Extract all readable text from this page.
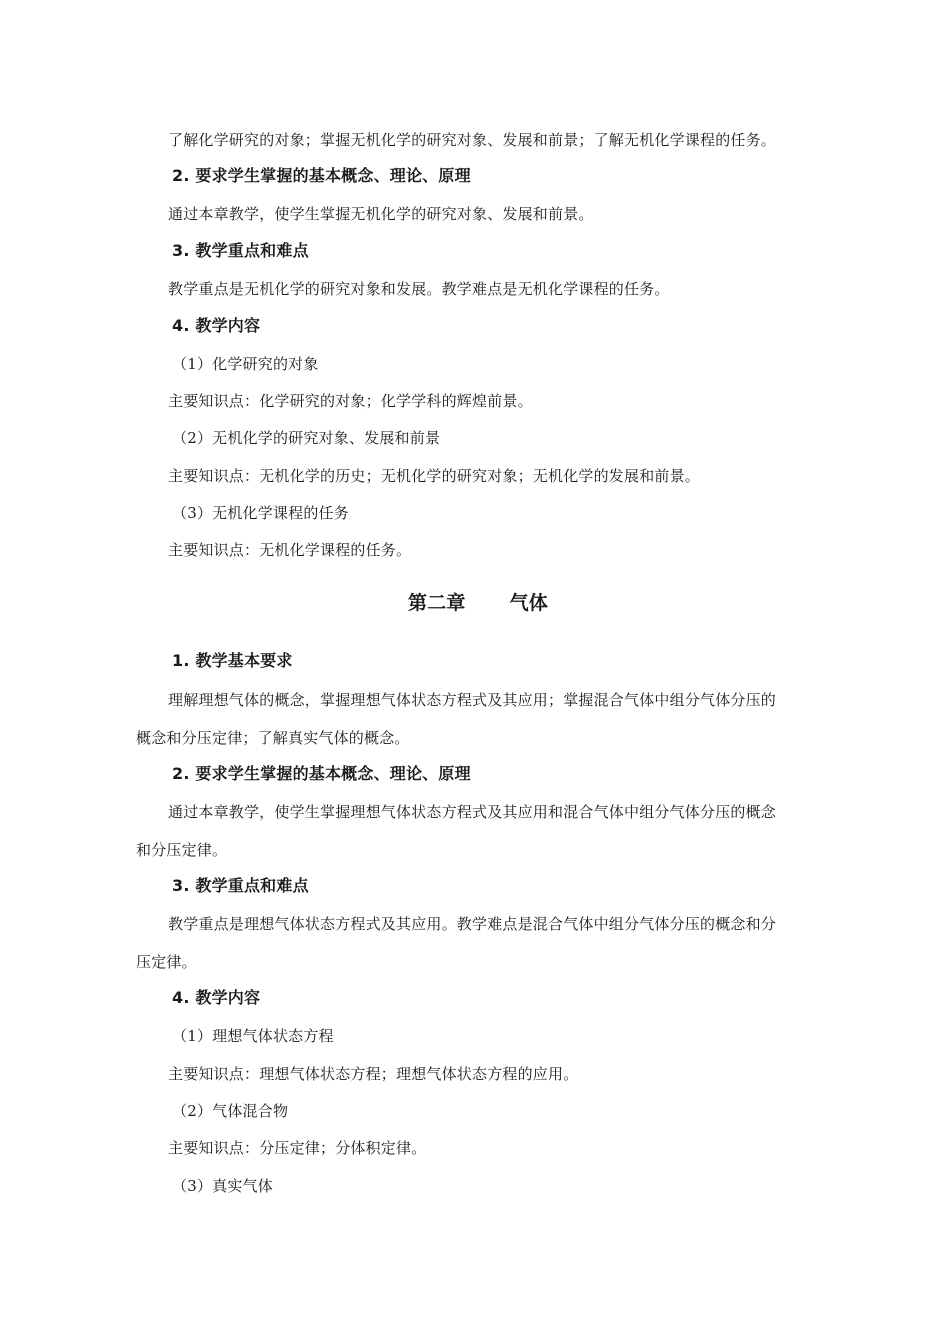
了解化学研究的对象；掌握无机化学的研究对象、发展和前景；了解无机化学课程的任务。
2. 要求学生掌握的基本概念、理论、原理
通过本章教学，使学生掌握无机化学的研究对象、发展和前景。
3. 教学重点和难点
教学重点是无机化学的研究对象和发展。教学难点是无机化学课程的任务。
4. 教学内容
（1）化学研究的对象
主要知识点：化学研究的对象；化学学科的辉煌前景。
（2）无机化学的研究对象、发展和前景
主要知识点：无机化学的历史；无机化学的研究对象；无机化学的发展和前景。
（3）无机化学课程的任务
主要知识点：无机化学课程的任务。
第二章 气体
1. 教学基本要求
理解理想气体的概念，掌握理想气体状态方程式及其应用；掌握混合气体中组分气体分压的
概念和分压定律；了解真实气体的概念。
2. 要求学生掌握的基本概念、理论、原理
通过本章教学，使学生掌握理想气体状态方程式及其应用和混合气体中组分气体分压的概念
和分压定律。
3. 教学重点和难点
教学重点是理想气体状态方程式及其应用。教学难点是混合气体中组分气体分压的概念和分
压定律。
4. 教学内容
（1）理想气体状态方程
主要知识点：理想气体状态方程；理想气体状态方程的应用。
（2）气体混合物
主要知识点：分压定律；分体积定律。
（3）真实气体
